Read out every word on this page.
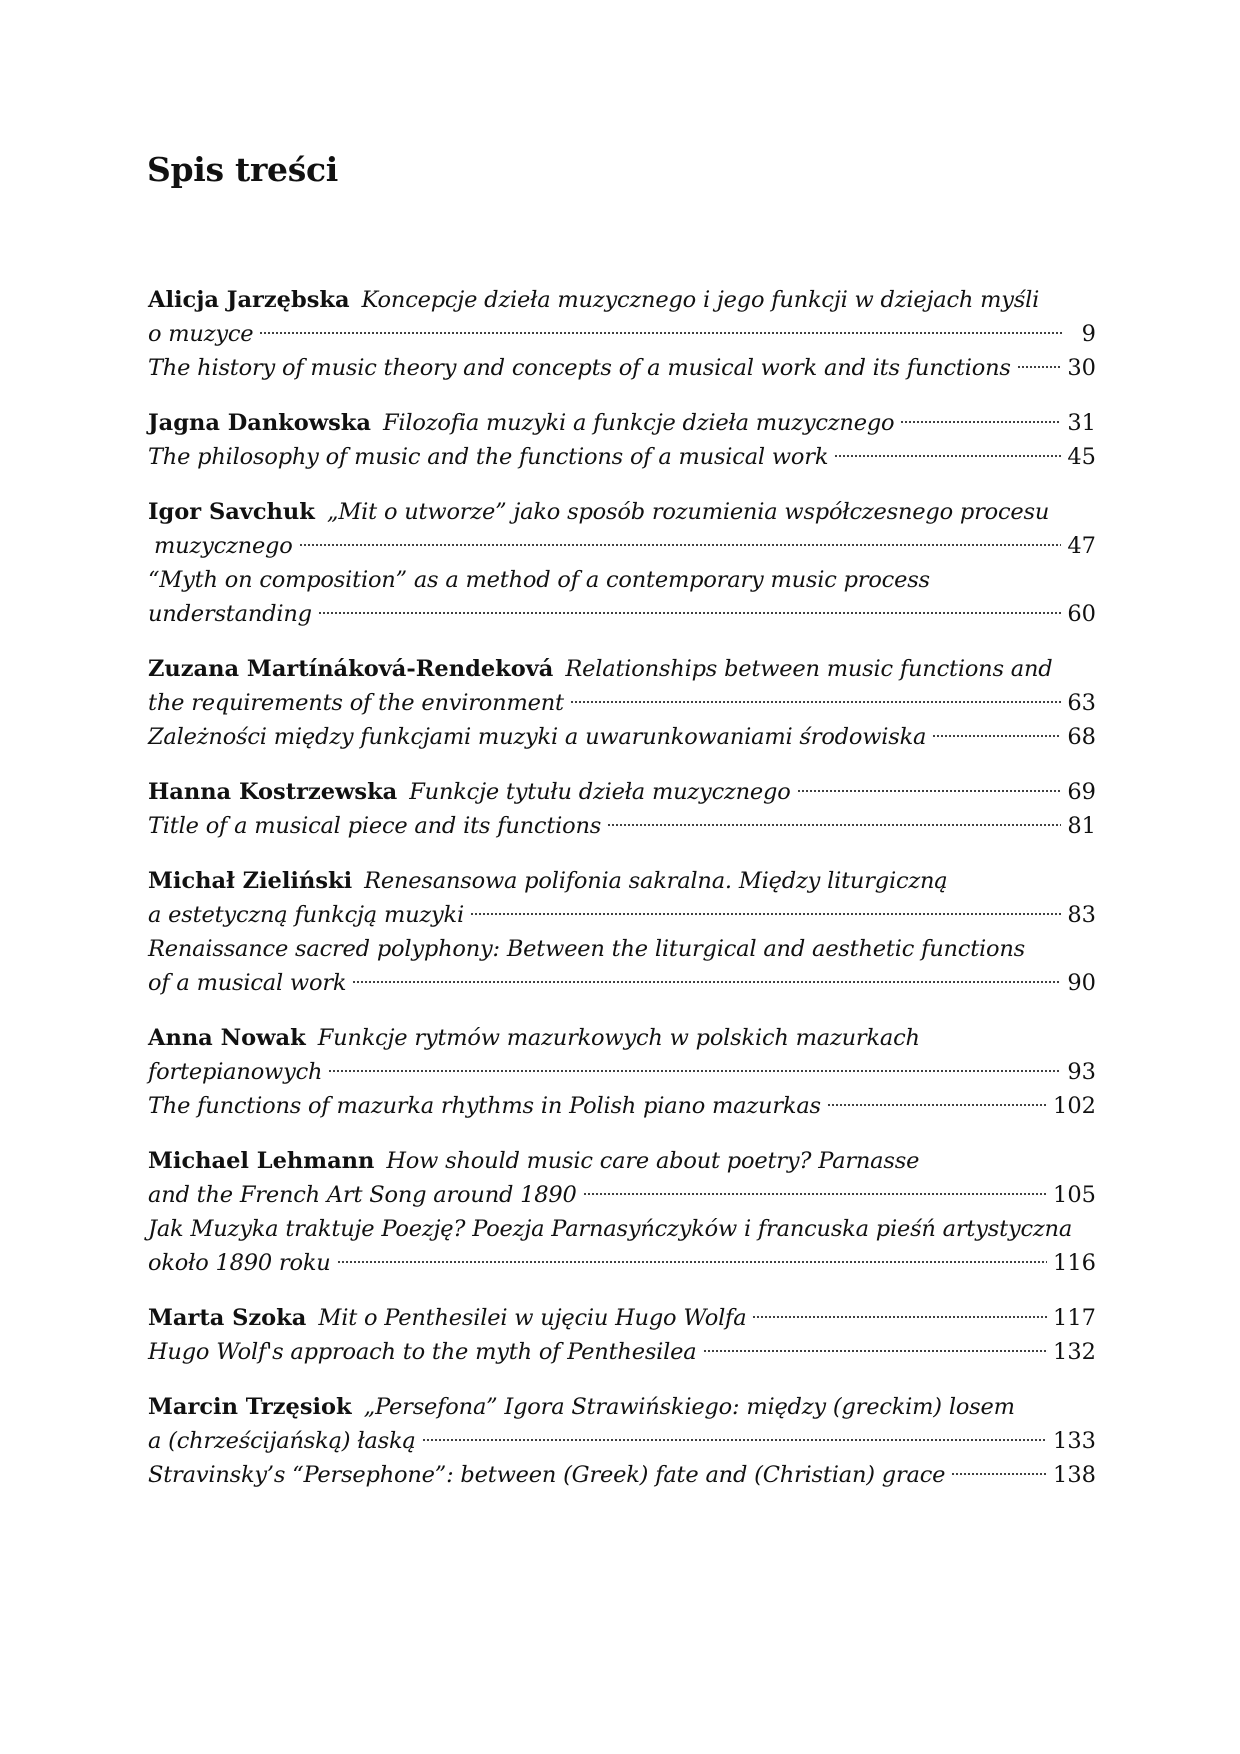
Spis treści
Alicja Jarzębska Koncepcje dzieła muzycznego i jego funkcji w dziejach myśli
o muzyce	9
The history of music theory and concepts of a musical work and its functions	30
Jagna Dankowska Filozofia muzyki a funkcje dzieła muzycznego	31
The philosophy of music and the functions of a musical work	45
Igor Savchuk „Mit o utworze” jako sposób rozumienia współczesnego procesu
muzycznego	47
“Myth on composition” as a method of a contemporary music process
understanding	60
Zuzana Martínáková-Rendeková Relationships between music functions and
the requirements of the environment	63
Zależności między funkcjami muzyki a uwarunkowaniami środowiska	68
Hanna Kostrzewska Funkcje tytułu dzieła muzycznego	69
Title of a musical piece and its functions	81
Michał Zieliński Renesansowa polifonia sakralna. Między liturgiczną
a estetyczną funkcją muzyki	83
Renaissance sacred polyphony: Between the liturgical and aesthetic functions
of a musical work	90
Anna Nowak Funkcje rytmów mazurkowych w polskich mazurkach
fortepianowych	93
The functions of mazurka rhythms in Polish piano mazurkas	102
Michael Lehmann How should music care about poetry? Parnasse
and the French Art Song around 1890	105
Jak Muzyka traktuje Poezję? Poezja Parnasyńczyków i francuska pieśń artystyczna
około 1890 roku	116
Marta Szoka Mit o Penthesilei w ujęciu Hugo Wolfa	117
Hugo Wolf's approach to the myth of Penthesilea	132
Marcin Trzęsiok „Persefona” Igora Strawińskiego: między (greckim) losem
a (chrześcijańską) łaską	133
Stravinsky’s “Persephone”: between (Greek) fate and (Christian) grace	138
